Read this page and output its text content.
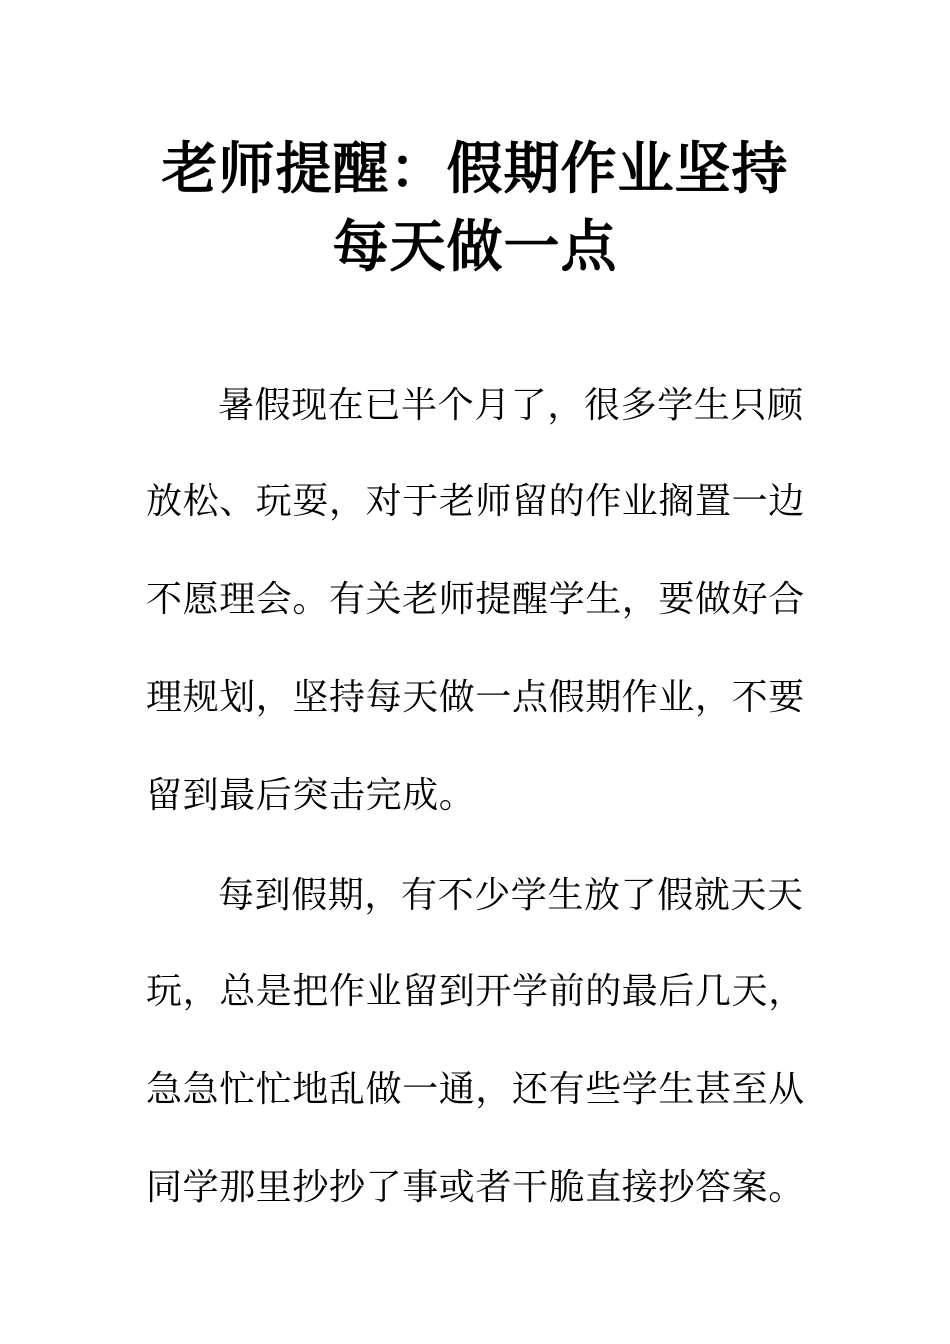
老师提醒：假期作业坚持
每天做一点

暑假现在已半个月了，很多学生只顾

放松、玩耍，对于老师留的作业搁置一边

不愿理会。有关老师提醒学生，要做好合

理规划，坚持每天做一点假期作业，不要

留到最后突击完成。

每到假期，有不少学生放了假就天天

玩，总是把作业留到开学前的最后几天，

急急忙忙地乱做一通，还有些学生甚至从

同学那里抄抄了事或者干脆直接抄答案。
